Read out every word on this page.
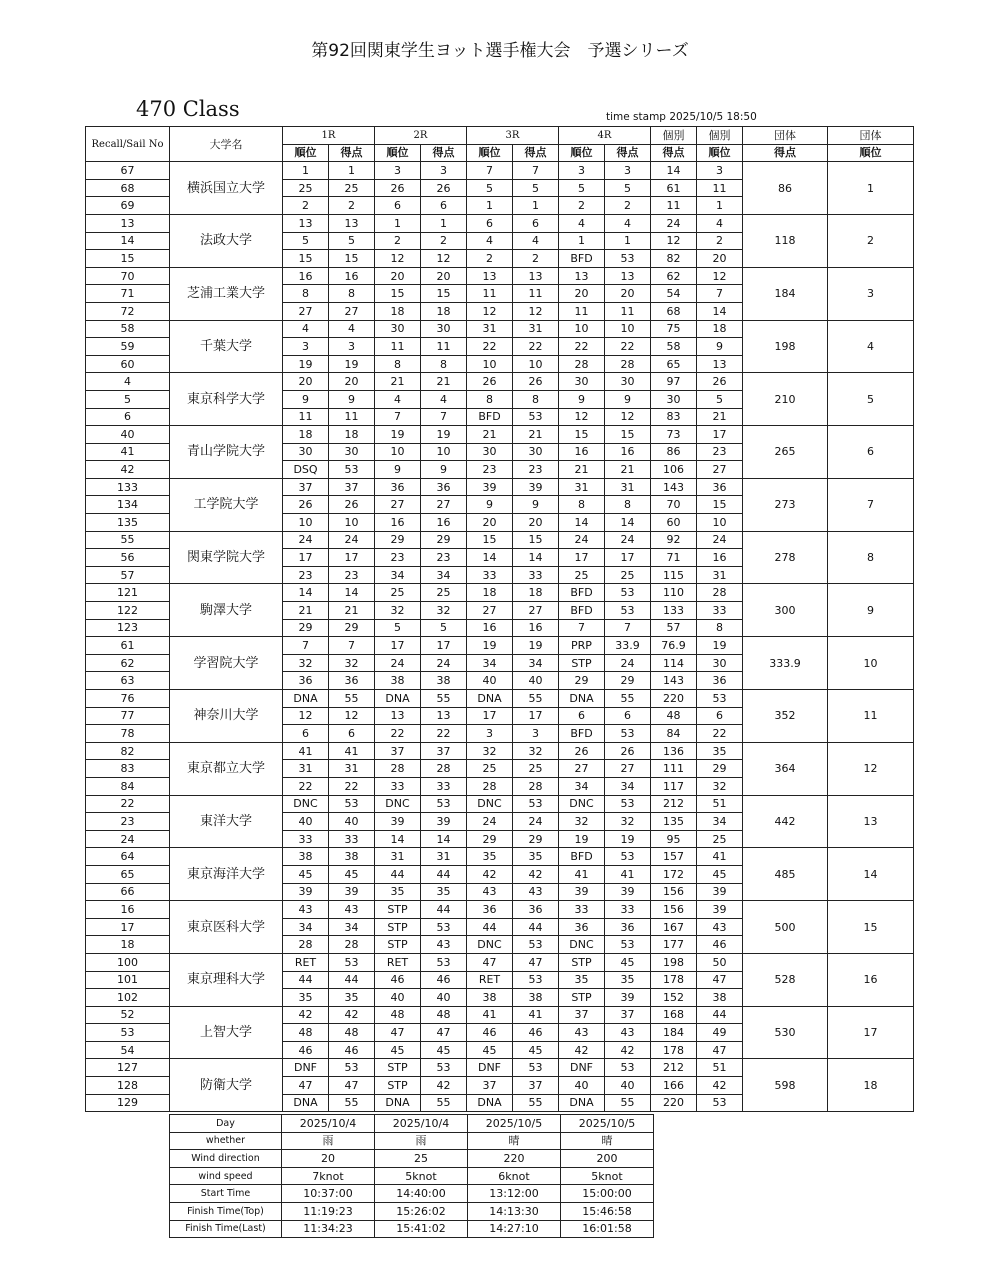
第92回関東学生ヨット選手権大会　予選シリーズ
470 Class	time stamp 2025/10/5 18:50
Recall/Sail No	大学名	1R		2R		3R		4R		個別	個別	団体	団体
		順位	得点	順位	得点	順位	得点	順位	得点	得点	順位	得点	順位
67	横浜国立大学	1	1	3	3	7	7	3	3	14	3	86	1
68		25	25	26	26	5	5	5	5	61	11		
69		2	2	6	6	1	1	2	2	11	1		
13	法政大学	13	13	1	1	6	6	4	4	24	4	118	2
14		5	5	2	2	4	4	1	1	12	2		
15		15	15	12	12	2	2	BFD	53	82	20		
70	芝浦工業大学	16	16	20	20	13	13	13	13	62	12	184	3
71		8	8	15	15	11	11	20	20	54	7		
72		27	27	18	18	12	12	11	11	68	14		
58	千葉大学	4	4	30	30	31	31	10	10	75	18	198	4
59		3	3	11	11	22	22	22	22	58	9		
60		19	19	8	8	10	10	28	28	65	13		
4	東京科学大学	20	20	21	21	26	26	30	30	97	26	210	5
5		9	9	4	4	8	8	9	9	30	5		
6		11	11	7	7	BFD	53	12	12	83	21		
40	青山学院大学	18	18	19	19	21	21	15	15	73	17	265	6
41		30	30	10	10	30	30	16	16	86	23		
42		DSQ	53	9	9	23	23	21	21	106	27		
133	工学院大学	37	37	36	36	39	39	31	31	143	36	273	7
134		26	26	27	27	9	9	8	8	70	15		
135		10	10	16	16	20	20	14	14	60	10		
55	関東学院大学	24	24	29	29	15	15	24	24	92	24	278	8
56		17	17	23	23	14	14	17	17	71	16		
57		23	23	34	34	33	33	25	25	115	31		
121	駒澤大学	14	14	25	25	18	18	BFD	53	110	28	300	9
122		21	21	32	32	27	27	BFD	53	133	33		
123		29	29	5	5	16	16	7	7	57	8		
61	学習院大学	7	7	17	17	19	19	PRP	33.9	76.9	19	333.9	10
62		32	32	24	24	34	34	STP	24	114	30		
63		36	36	38	38	40	40	29	29	143	36		
76	神奈川大学	DNA	55	DNA	55	DNA	55	DNA	55	220	53	352	11
77		12	12	13	13	17	17	6	6	48	6		
78		6	6	22	22	3	3	BFD	53	84	22		
82	東京都立大学	41	41	37	37	32	32	26	26	136	35	364	12
83		31	31	28	28	25	25	27	27	111	29		
84		22	22	33	33	28	28	34	34	117	32		
22	東洋大学	DNC	53	DNC	53	DNC	53	DNC	53	212	51	442	13
23		40	40	39	39	24	24	32	32	135	34		
24		33	33	14	14	29	29	19	19	95	25		
64	東京海洋大学	38	38	31	31	35	35	BFD	53	157	41	485	14
65		45	45	44	44	42	42	41	41	172	45		
66		39	39	35	35	43	43	39	39	156	39		
16	東京医科大学	43	43	STP	44	36	36	33	33	156	39	500	15
17		34	34	STP	53	44	44	36	36	167	43		
18		28	28	STP	43	DNC	53	DNC	53	177	46		
100	東京理科大学	RET	53	RET	53	47	47	STP	45	198	50	528	16
101		44	44	46	46	RET	53	35	35	178	47		
102		35	35	40	40	38	38	STP	39	152	38		
52	上智大学	42	42	48	48	41	41	37	37	168	44	530	17
53		48	48	47	47	46	46	43	43	184	49		
54		46	46	45	45	45	45	42	42	178	47		
127	防衛大学	DNF	53	STP	53	DNF	53	DNF	53	212	51	598	18
128		47	47	STP	42	37	37	40	40	166	42		
129		DNA	55	DNA	55	DNA	55	DNA	55	220	53		
Day	2025/10/4	2025/10/4	2025/10/5	2025/10/5
whether	雨	雨	晴	晴
Wind direction	20	25	220	200
wind speed	7knot	5knot	6knot	5knot
Start Time	10:37:00	14:40:00	13:12:00	15:00:00
Finish Time(Top)	11:19:23	15:26:02	14:13:30	15:46:58
Finish Time(Last)	11:34:23	15:41:02	14:27:10	16:01:58
